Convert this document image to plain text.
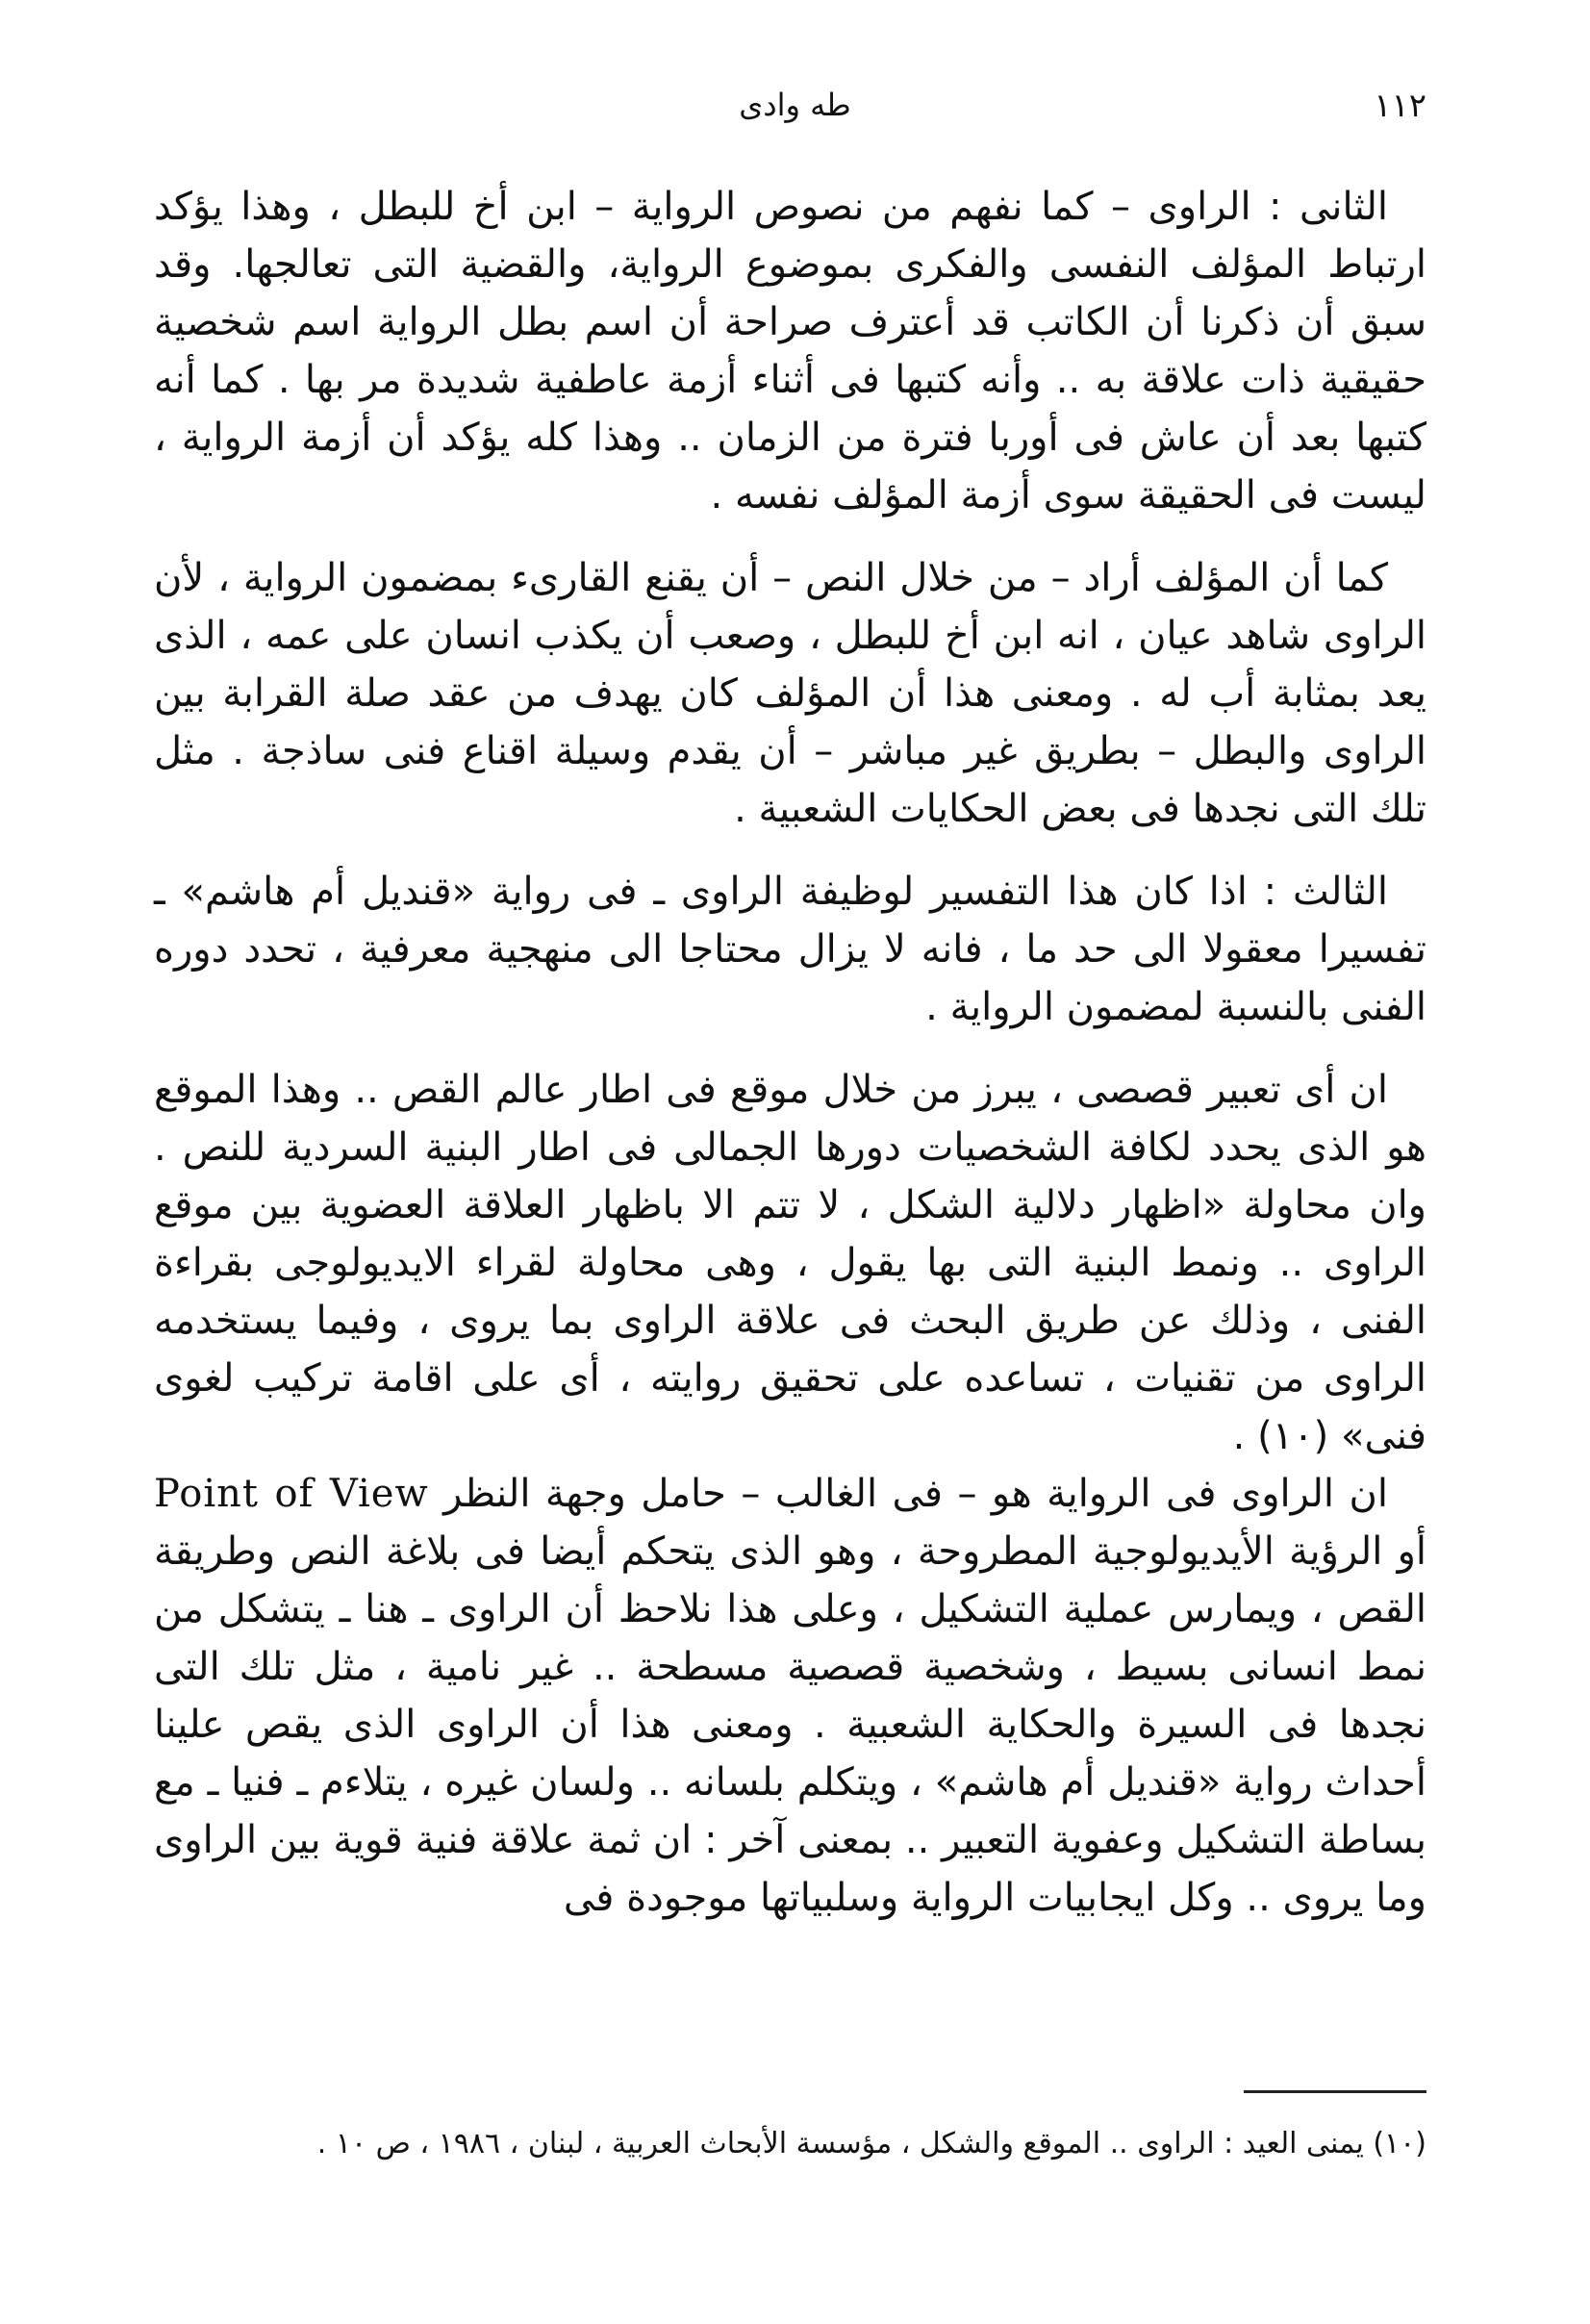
١١٢
طه وادى

الثانى : الراوى – كما نفهم من نصوص الرواية – ابن أخ للبطل ، وهذا يؤكد ارتباط المؤلف النفسى والفكرى بموضوع الرواية، والقضية التى تعالجها. وقد سبق أن ذكرنا أن الكاتب قد أعترف صراحة أن اسم بطل الرواية اسم شخصية حقيقية ذات علاقة به .. وأنه كتبها فى أثناء أزمة عاطفية شديدة مر بها . كما أنه كتبها بعد أن عاش فى أوربا فترة من الزمان .. وهذا كله يؤكد أن أزمة الرواية ، ليست فى الحقيقة سوى أزمة المؤلف نفسه .

كما أن المؤلف أراد – من خلال النص – أن يقنع القارىء بمضمون الرواية ، لأن الراوى شاهد عيان ، انه ابن أخ للبطل ، وصعب أن يكذب انسان على عمه ، الذى يعد بمثابة أب له . ومعنى هذا أن المؤلف كان يهدف من عقد صلة القرابة بين الراوى والبطل – بطريق غير مباشر – أن يقدم وسيلة اقناع فنى ساذجة . مثل تلك التى نجدها فى بعض الحكايات الشعبية .

الثالث : اذا كان هذا التفسير لوظيفة الراوى ـ فى رواية «قنديل أم هاشم» ـ تفسيرا معقولا الى حد ما ، فانه لا يزال محتاجا الى منهجية معرفية ، تحدد دوره الفنى بالنسبة لمضمون الرواية .

ان أى تعبير قصصى ، يبرز من خلال موقع فى اطار عالم القص .. وهذا الموقع هو الذى يحدد لكافة الشخصيات دورها الجمالى فى اطار البنية السردية للنص . وان محاولة «اظهار دلالية الشكل ، لا تتم الا باظهار العلاقة العضوية بين موقع الراوى .. ونمط البنية التى بها يقول ، وهى محاولة لقراء الايديولوجى بقراءة الفنى ، وذلك عن طريق البحث فى علاقة الراوى بما يروى ، وفيما يستخدمه الراوى من تقنيات ، تساعده على تحقيق روايته ، أى على اقامة تركيب لغوى فنى» (١٠) .

ان الراوى فى الرواية هو – فى الغالب – حامل وجهة النظر Point of View أو الرؤية الأيديولوجية المطروحة ، وهو الذى يتحكم أيضا فى بلاغة النص وطريقة القص ، ويمارس عملية التشكيل ، وعلى هذا نلاحظ أن الراوى ـ هنا ـ يتشكل من نمط انسانى بسيط ، وشخصية قصصية مسطحة .. غير نامية ، مثل تلك التى نجدها فى السيرة والحكاية الشعبية . ومعنى هذا أن الراوى الذى يقص علينا أحداث رواية «قنديل أم هاشم» ، ويتكلم بلسانه .. ولسان غيره ، يتلاءم ـ فنيا ـ مع بساطة التشكيل وعفوية التعبير .. بمعنى آخر : ان ثمة علاقة فنية قوية بين الراوى وما يروى .. وكل ايجابيات الرواية وسلبياتها موجودة فى

(١٠) يمنى العيد : الراوى .. الموقع والشكل ، مؤسسة الأبحاث العربية ، لبنان ، ١٩٨٦ ، ص ١٠ .
